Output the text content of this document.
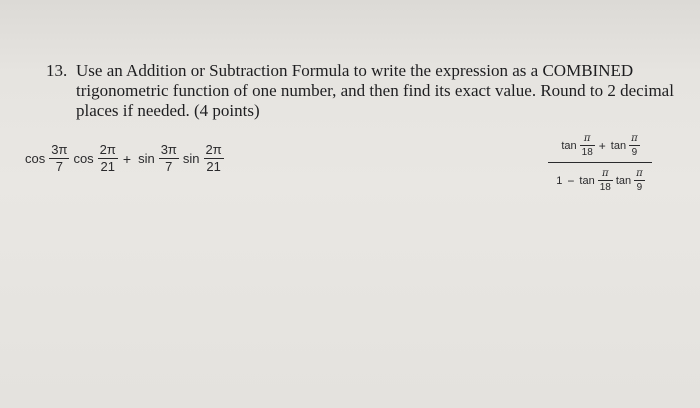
13. Use an Addition or Subtraction Formula to write the expression as a COMBINED
trigonometric function of one number, and then find its exact value. Round to 2 decimal
places if needed. (4 points)
$\cos \frac{3\pi}{7}$ $\cos \frac{2\pi}{21} + \sin \frac{3\pi}{7}$ $\sin \frac{2\pi}{21}$	$\tan \frac{\pi}{18} + \tan \frac{\pi}{9}$
$1 - \tan \frac{\pi}{18}$ $\tan \frac{\pi}{9}$
